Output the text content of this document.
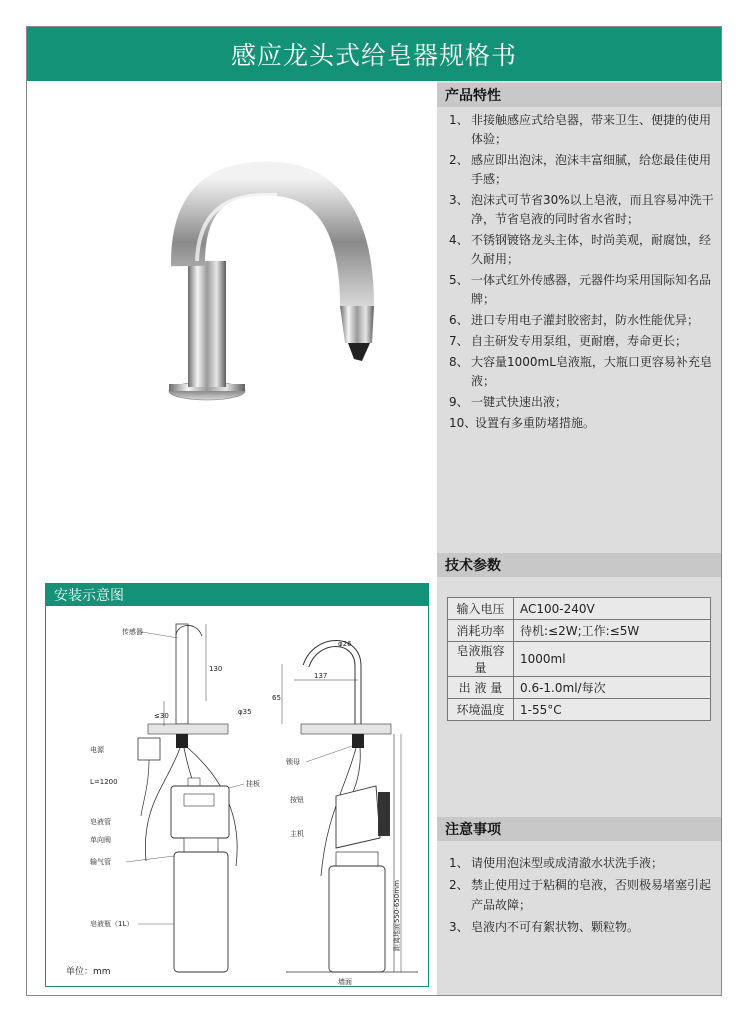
感应龙头式给皂器规格书
安装示意图
130
≤30	φ35
传感器
电源
L=1200	挂板
皂液管
单向阀
输气管
皂液瓶（1L）
φ26
65
137
锁母
按钮
主机
距离地面550-650mm
墙面
单位：mm
产品特性
1、 非接触感应式给皂器，带来卫生、便捷的使用体验；
2、 感应即出泡沫，泡沫丰富细腻，给您最佳使用手感；
3、 泡沫式可节省30%以上皂液，而且容易冲洗干净，节省皂液的同时省水省时；
4、 不锈钢镀铬龙头主体，时尚美观，耐腐蚀，经久耐用；
5、 一体式红外传感器，元器件均采用国际知名品牌；
6、 进口专用电子灌封胶密封，防水性能优异；
7、 自主研发专用泵组，更耐磨，寿命更长；
8、 大容量1000mL皂液瓶，大瓶口更容易补充皂液；
9、 一键式快速出液；
10、
设置有多重防堵措施。
技术参数
输入电压	AC100-240V
消耗功率	待机:≤2W;工作:≤5W
皂液瓶容量	1000ml
出 液 量	0.6-1.0ml/每次
环境温度	1-55°C
注意事项
1、 请使用泡沫型或成清澈水状洗手液；
2、 禁止使用过于粘稠的皂液，否则极易堵塞引起产品故障；
3、 皂液内不可有絮状物、颗粒物。
